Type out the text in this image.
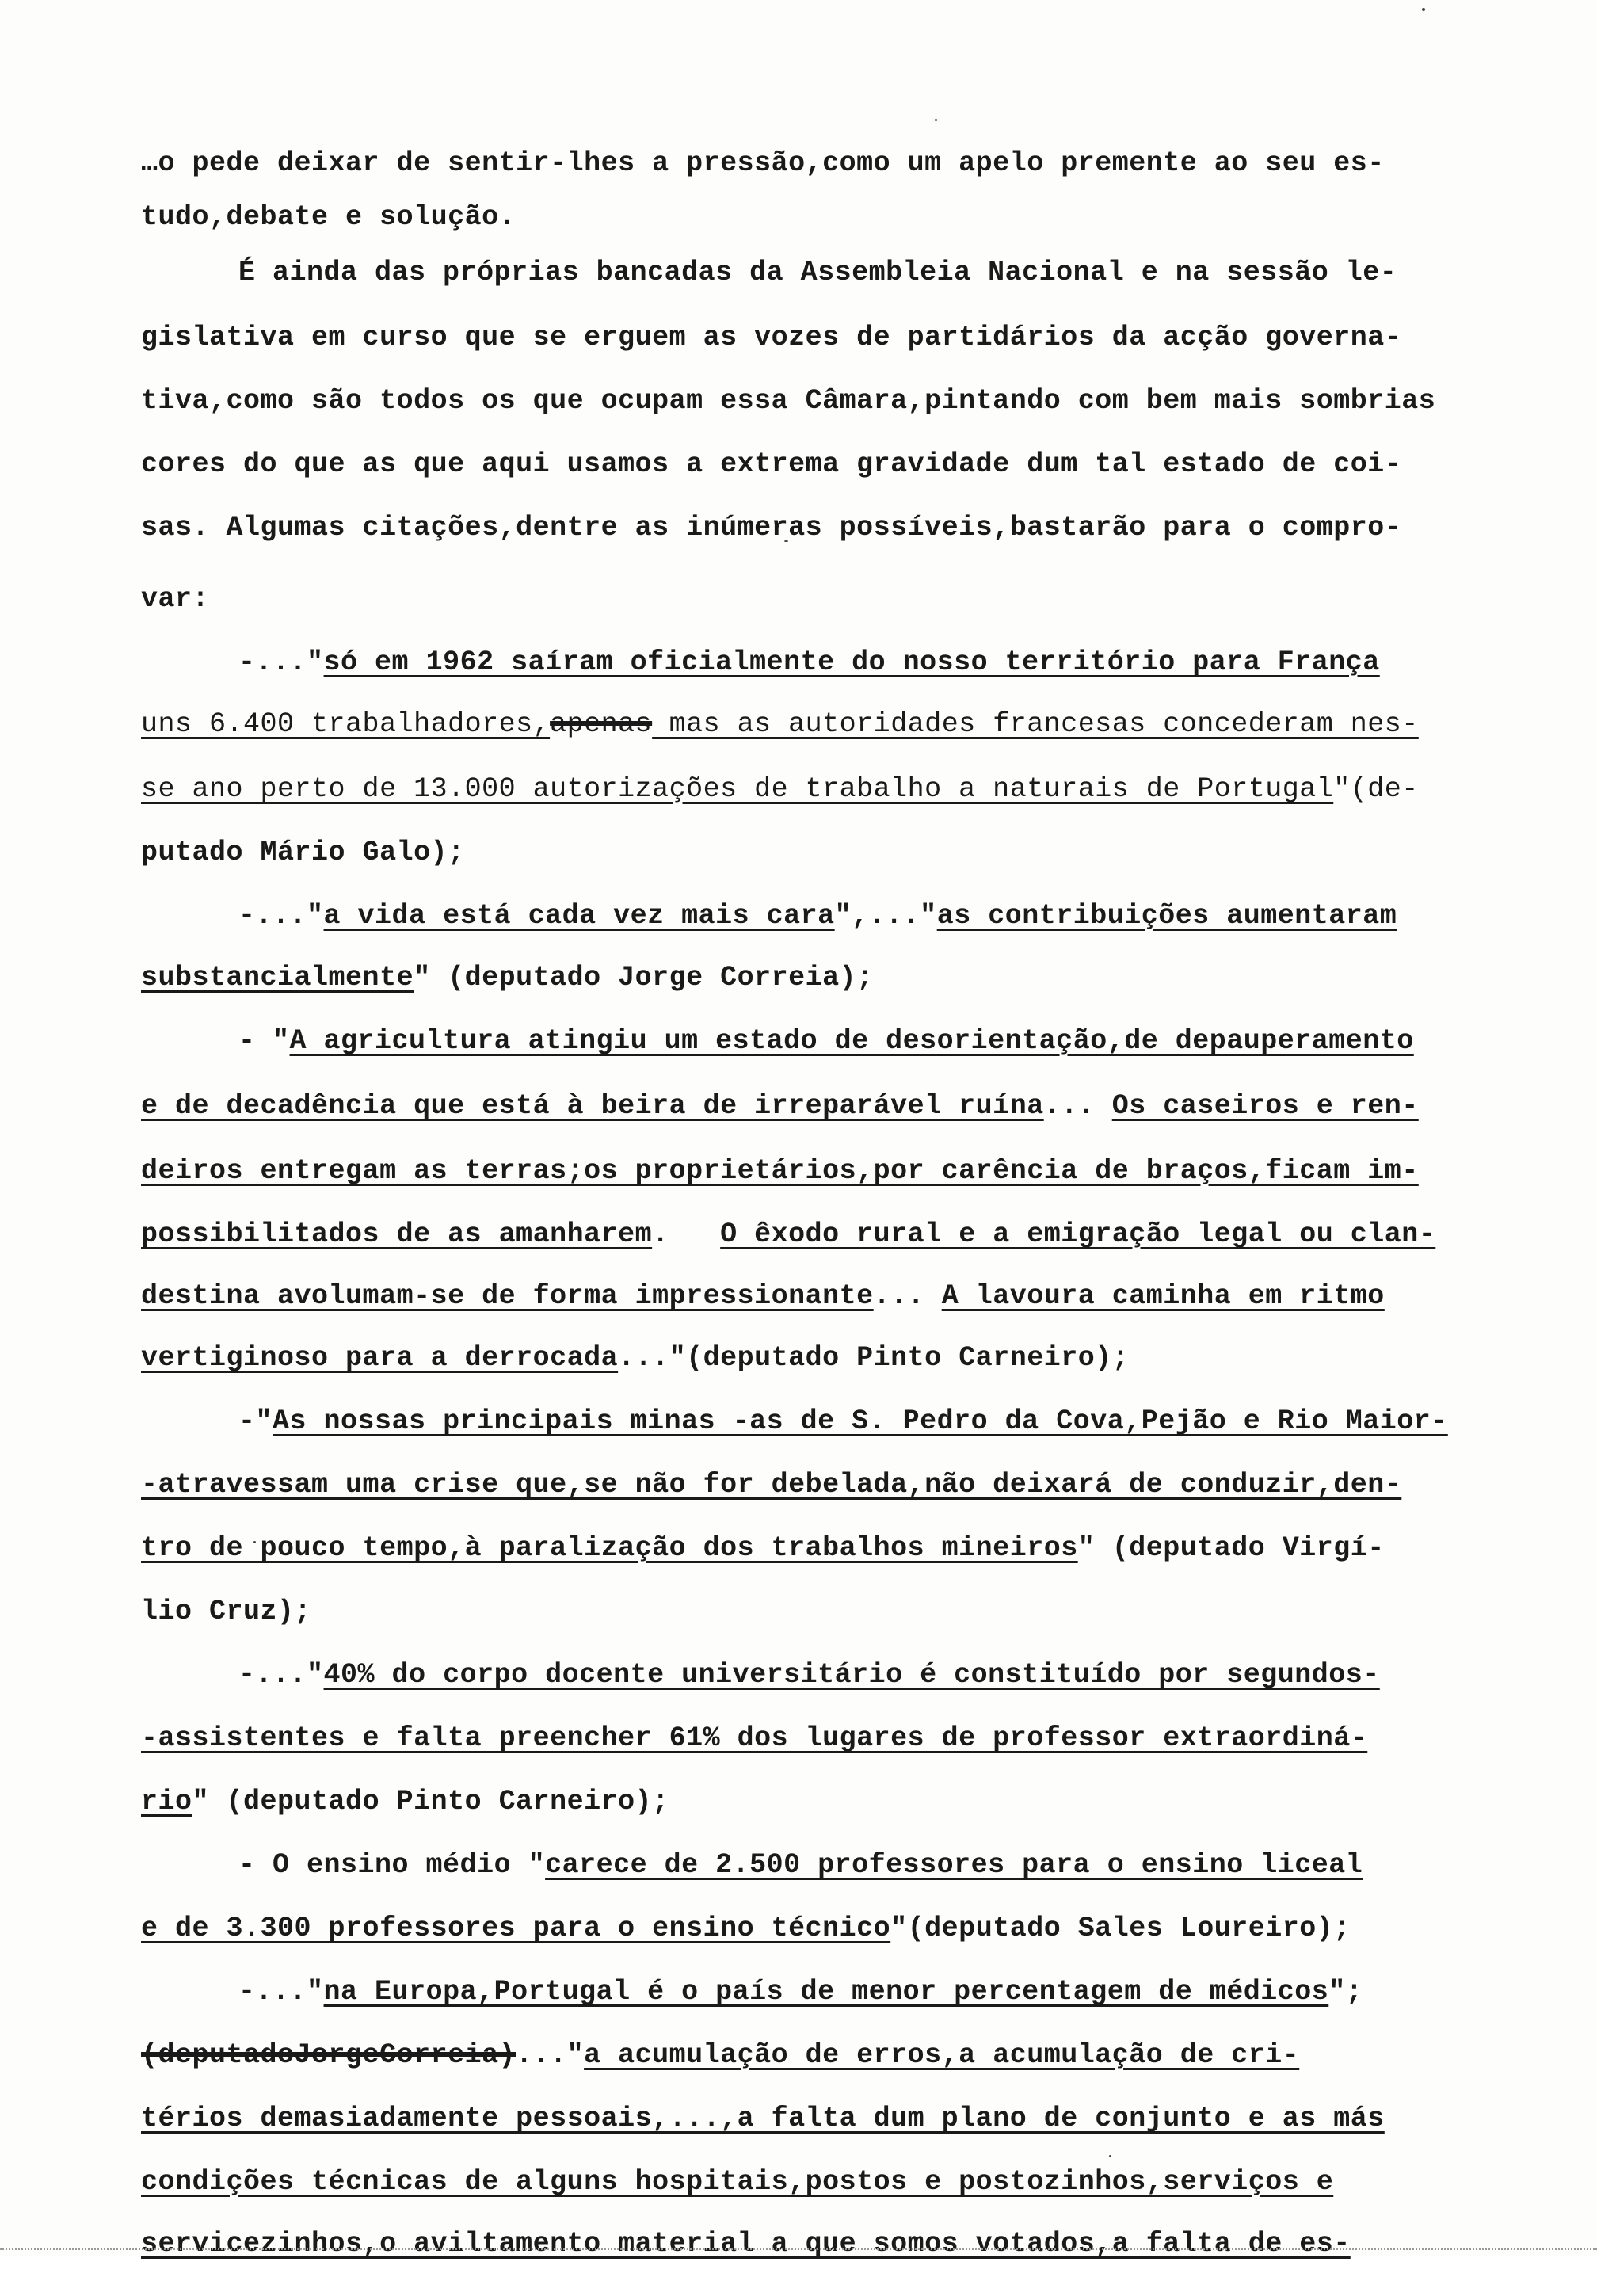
…o pede deixar de sentir-lhes a pressão,como um apelo premente ao seu es-

tudo,debate e solução.

É ainda das próprias bancadas da Assembleia Nacional e na sessão le-

gislativa em curso que se erguem as vozes de partidários da acção governa-

tiva,como são todos os que ocupam essa Câmara,pintando com bem mais sombrias

cores do que as que aqui usamos a extrema gravidade dum tal estado de coi-

sas. Algumas citações,dentre as inúmeras possíveis,bastarão para o compro-

var:

-..."só em 1962 saíram oficialmente do nosso território para França

uns 6.400 trabalhadores,apenas mas as autoridades francesas concederam nes-

se ano perto de 13.000 autorizações de trabalho a naturais de Portugal"(de-

putado Mário Galo);

-..."a vida está cada vez mais cara",..."as contribuições aumentaram

substancialmente" (deputado Jorge Correia);

- "A agricultura atingiu um estado de desorientação,de depauperamento

e de decadência que está à beira de irreparável ruína... Os caseiros e ren-

deiros entregam as terras;os proprietários,por carência de braços,ficam im-

possibilitados de as amanharem.   O êxodo rural e a emigração legal ou clan-

destina avolumam-se de forma impressionante... A lavoura caminha em ritmo

vertiginoso para a derrocada..."(deputado Pinto Carneiro);

-"As nossas principais minas -as de S. Pedro da Cova,Pejão e Rio Maior-

-atravessam uma crise que,se não for debelada,não deixará de conduzir,den-

tro de pouco tempo,à paralização dos trabalhos mineiros" (deputado Virgí-

lio Cruz);

-..."40% do corpo docente universitário é constituído por segundos-

-assistentes e falta preencher 61% dos lugares de professor extraordiná-

rio" (deputado Pinto Carneiro);

- O ensino médio "carece de 2.500 professores para o ensino liceal

e de 3.300 professores para o ensino técnico"(deputado Sales Loureiro);

-..."na Europa,Portugal é o país de menor percentagem de médicos";

(deputadoJorgeCorreia)..."a acumulação de erros,a acumulação de cri-

térios demasiadamente pessoais,...,a falta dum plano de conjunto e as más

condições técnicas de alguns hospitais,postos e postozinhos,serviços e

servicezinhos,o aviltamento material a que somos votados,a falta de es-
